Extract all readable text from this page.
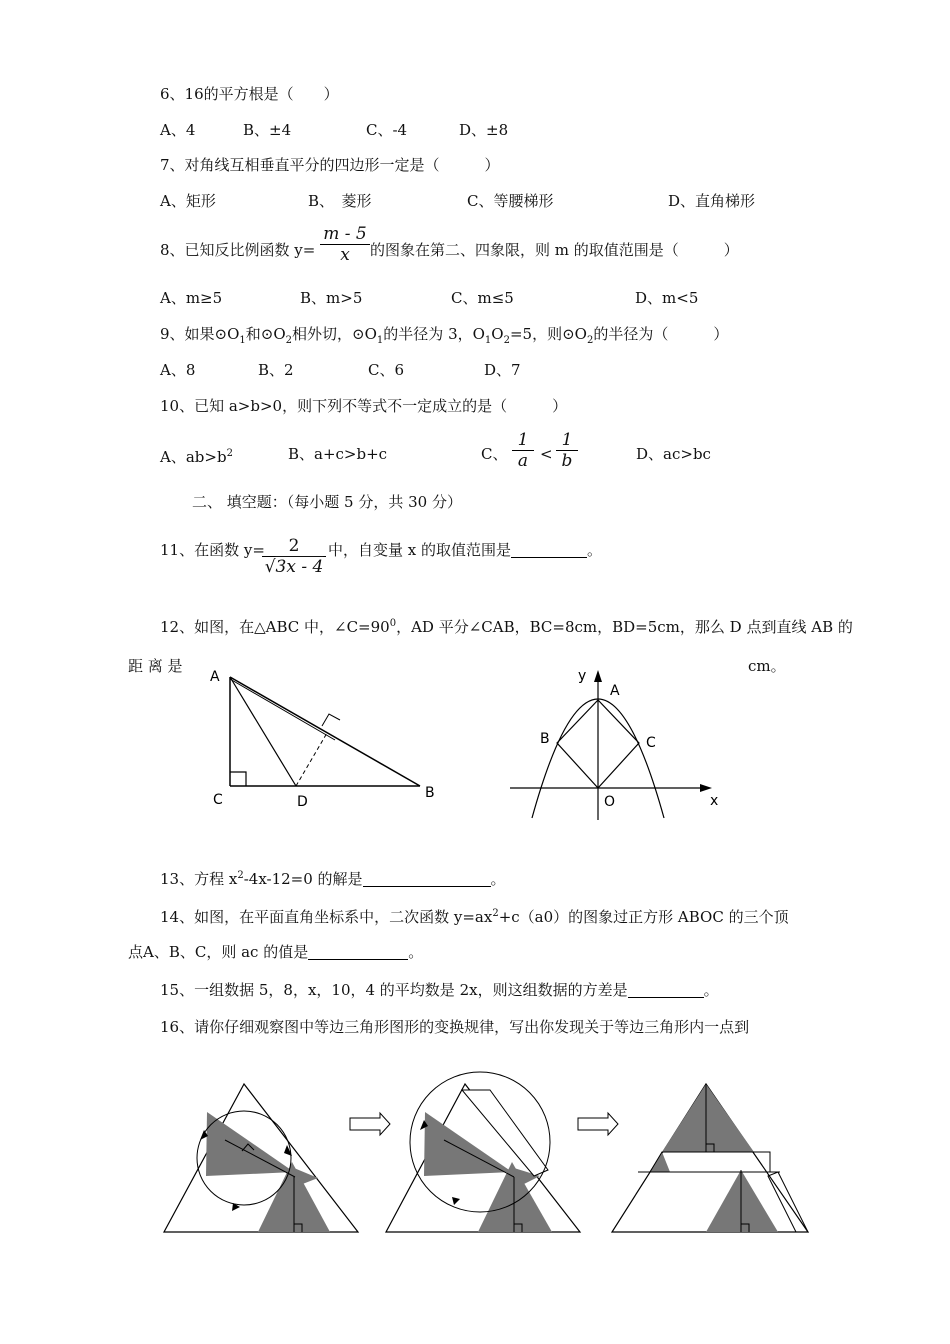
6、16的平方根是（　　）
A、4	B、±4	C、-4	D、±8
7、对角线互相垂直平分的四边形一定是（　　　）
A、矩形	B、　菱形	C、等腰梯形	D、直角梯形
8、已知反比例函数 $y= \frac{m - 5}{x}$ 的图象在第二、四象限，则 m 的取值范围是（　　　）
A、m≥5	B、m>5	C、m≤5	D、m<5
9、如果$⊙O_1$和$⊙O_2$相外切，$⊙O_1$的半径为 3，$O_1O_2=5$，则$⊙O_2$的半径为（　　　）
A、8	B、2	C、6	D、7
10、已知 a>b>0，则下列不等式不一定成立的是（　　　）
A、$ab>b^2$	B、a+c>b+c	C、 $\frac{1}{a} < \frac{1}{b}$	D、ac>bc
二、 填空题：（每小题 5 分，共 30 分）
11、在函数 y=
$\frac{2}{√3x - 4}$ 中，自变量 x 的取值范围是	。
12、如图，在△ABC 中，$\angle C=90^0$，AD 平分∠CAB，BC=8cm，BD=5cm，那么 D 点到直线 AB 的
距 离 是	cm。
A
C	D
B
y
A
B	C
O	x
13、方程 $x^2-4x-12=0$ 的解是	。
14、如图，在平面直角坐标系中，二次函数 $y=ax^2+c(a0)$的图象过正方形 ABOC 的三个顶
点A、B、C，则 ac 的值是	。
15、一组数据 5，8，x，10，4 的平均数是 2x，则这组数据的方差是	。
16、请你仔细观察图中等边三角形图形的变换规律，写出你发现关于等边三角形内一点到
